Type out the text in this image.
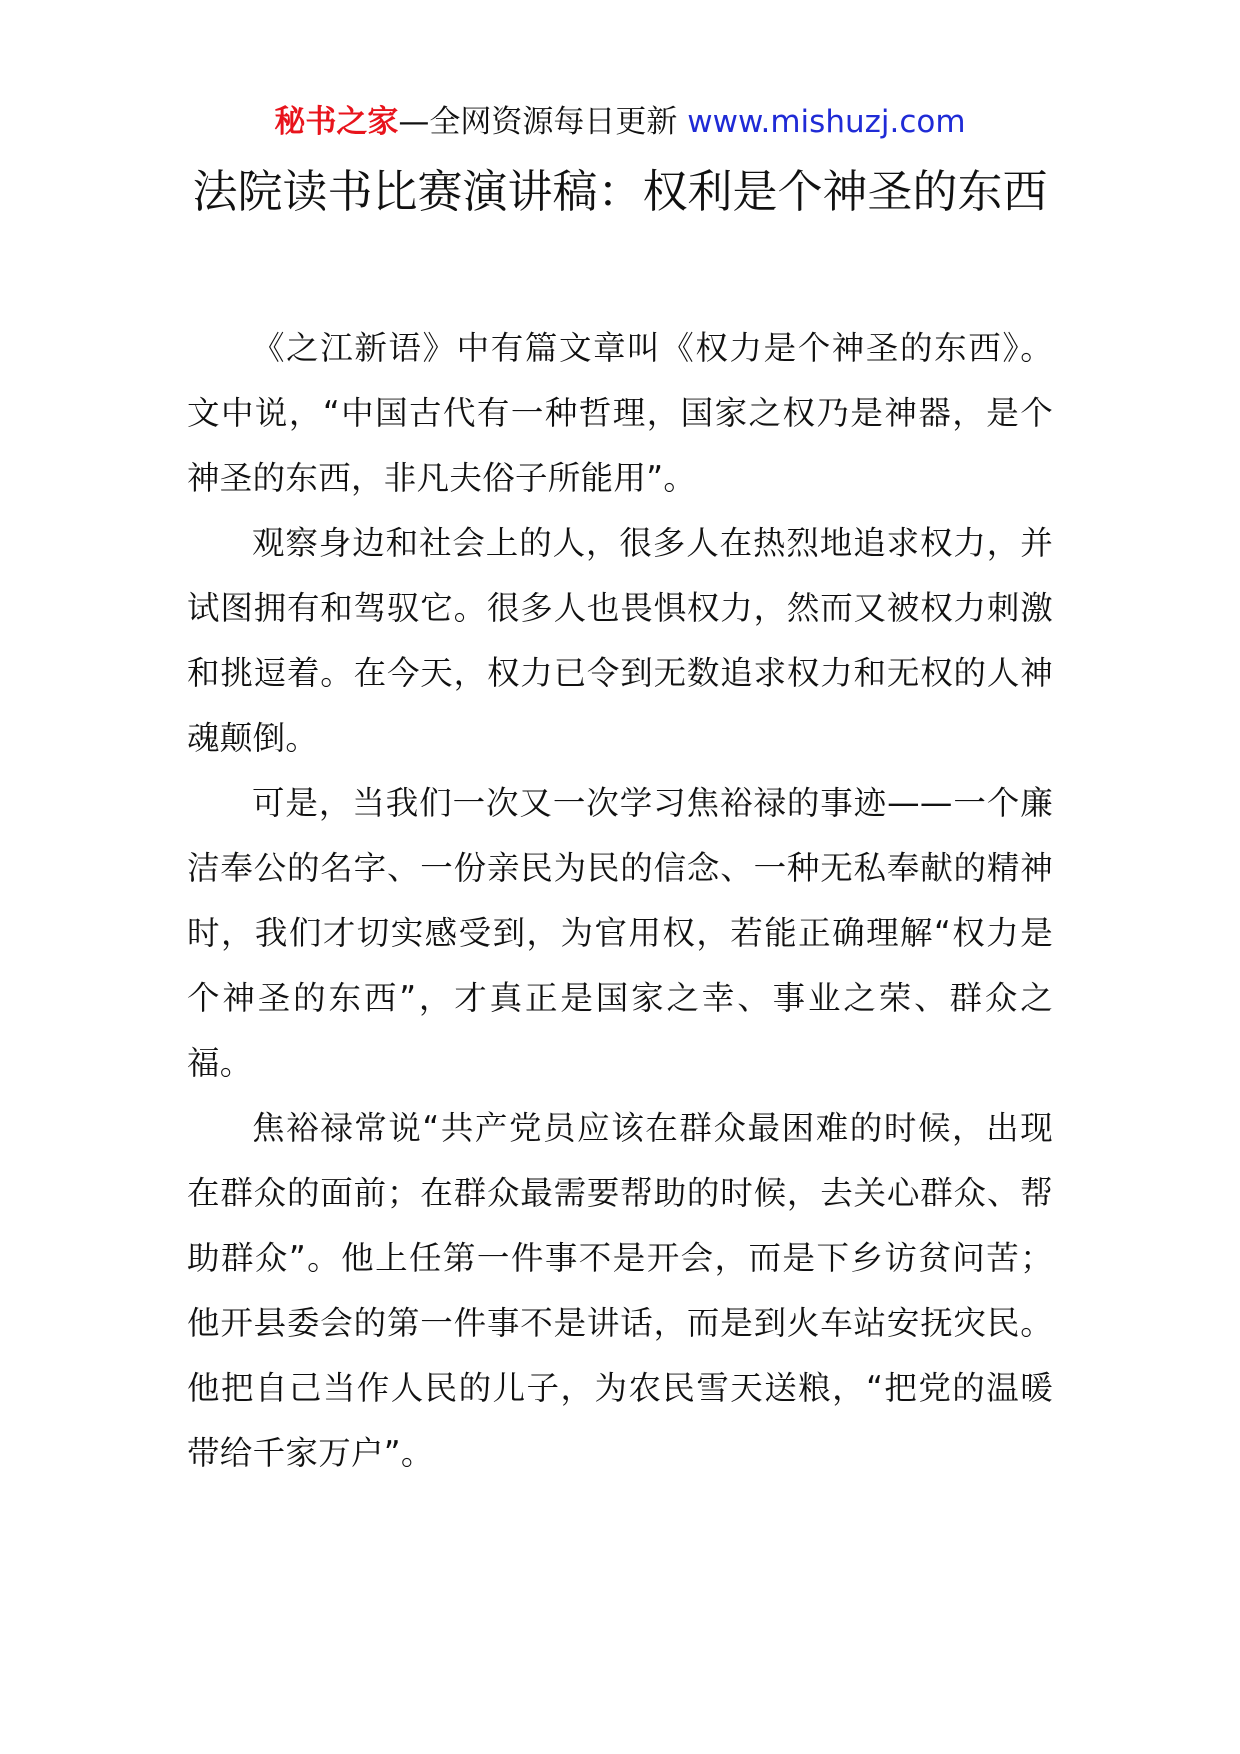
秘书之家—全网资源每日更新 www.mishuzj.com
法院读书比赛演讲稿：权利是个神圣的东西

《之江新语》中有篇文章叫《权力是个神圣的东西》。文中说，“中国古代有一种哲理，国家之权乃是神器，是个神圣的东西，非凡夫俗子所能用”。

观察身边和社会上的人，很多人在热烈地追求权力，并试图拥有和驾驭它。很多人也畏惧权力，然而又被权力刺激和挑逗着。在今天，权力已令到无数追求权力和无权的人神魂颠倒。

可是，当我们一次又一次学习焦裕禄的事迹——一个廉洁奉公的名字、一份亲民为民的信念、一种无私奉献的精神时，我们才切实感受到，为官用权，若能正确理解“权力是个神圣的东西”，才真正是国家之幸、事业之荣、群众之福。

焦裕禄常说“共产党员应该在群众最困难的时候，出现在群众的面前；在群众最需要帮助的时候，去关心群众、帮助群众”。他上任第一件事不是开会，而是下乡访贫问苦；他开县委会的第一件事不是讲话，而是到火车站安抚灾民。他把自己当作人民的儿子，为农民雪天送粮，“把党的温暖带给千家万户”。
